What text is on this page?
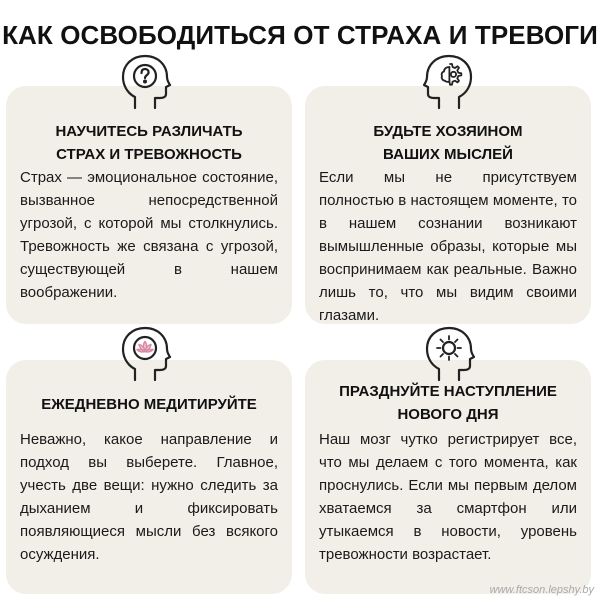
КАК ОСВОБОДИТЬСЯ ОТ СТРАХА И ТРЕВОГИ
НАУЧИТЕСЬ РАЗЛИЧАТЬ
СТРАХ И ТРЕВОЖНОСТЬ
Страх — эмоциональное состояние, вызванное непосредственной угрозой, с которой мы столкнулись. Тревожность же связана с угрозой, существующей в нашем воображении.
БУДЬТЕ ХОЗЯИНОМ
ВАШИХ МЫСЛЕЙ
Если мы не присутствуем полностью в настоящем моменте, то в нашем сознании возникают вымышленные образы, которые мы воспринимаем как реальные. Важно лишь то, что мы видим своими глазами.
ЕЖЕДНЕВНО МЕДИТИРУЙТЕ
Неважно, какое направление и подход вы выберете. Главное, учесть две вещи: нужно следить за дыханием и фиксировать появляющиеся мысли без всякого осуждения.
ПРАЗДНУЙТЕ НАСТУПЛЕНИЕ
НОВОГО ДНЯ
Наш мозг чутко регистрирует все, что мы делаем с того момента, как проснулись. Если мы первым делом хватаемся за смартфон или утыкаемся в новости, уровень тревожности возрастает.
www.ftcson.lepshy.by
